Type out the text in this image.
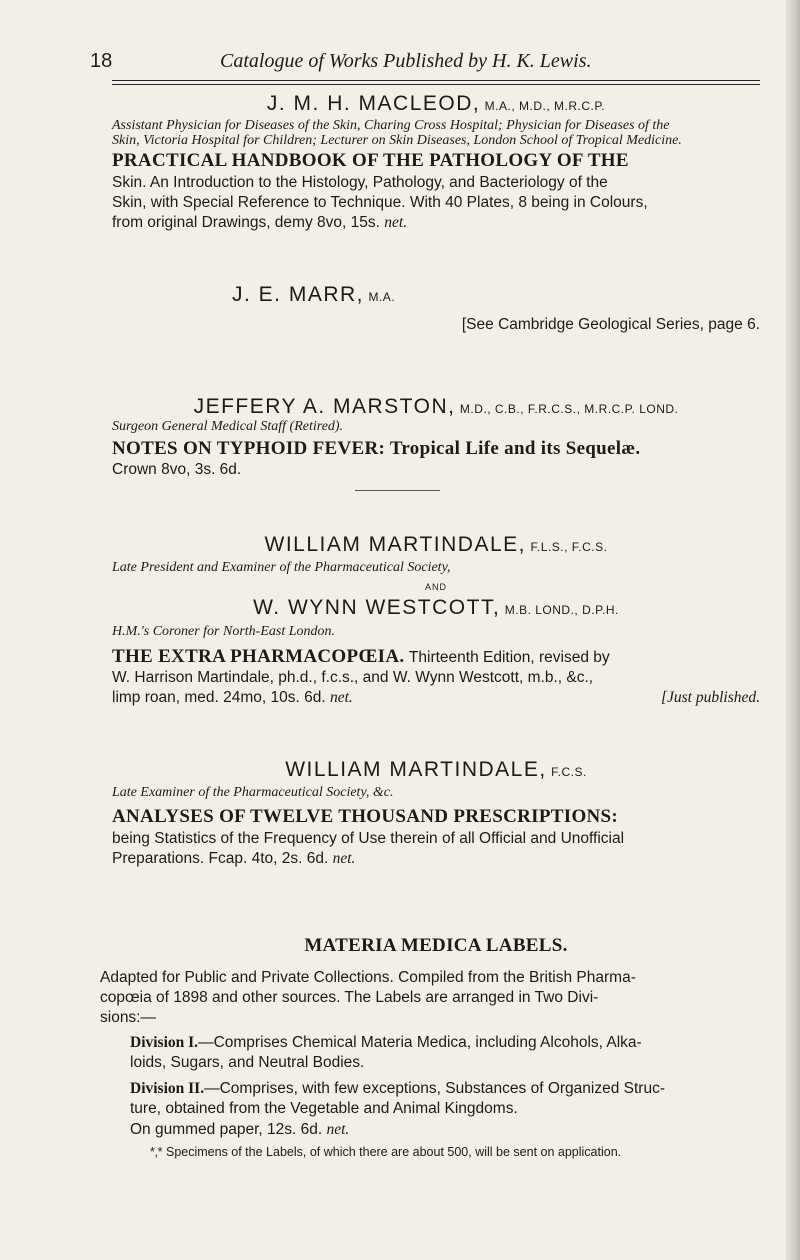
18	Catalogue of Works Published by H. K. Lewis.
J. M. H. MACLEOD, M.A., M.D., M.R.C.P.
Assistant Physician for Diseases of the Skin, Charing Cross Hospital; Physician for Diseases of the
Skin, Victoria Hospital for Children; Lecturer on Skin Diseases, London School of Tropical Medicine.
PRACTICAL HANDBOOK OF THE PATHOLOGY OF THE
Skin. An Introduction to the Histology, Pathology, and Bacteriology of the
Skin, with Special Reference to Technique. With 40 Plates, 8 being in Colours,
from original Drawings, demy 8vo, 15s. net.
J. E. MARR, M.A.
[See Cambridge Geological Series, page 6.
JEFFERY A. MARSTON, M.D., C.B., F.R.C.S., M.R.C.P. LOND.
Surgeon General Medical Staff (Retired).
NOTES ON TYPHOID FEVER: Tropical Life and its Sequelæ.
Crown 8vo, 3s. 6d.
WILLIAM MARTINDALE, F.L.S., F.C.S.
Late President and Examiner of the Pharmaceutical Society,
AND
W. WYNN WESTCOTT, M.B. LOND., D.P.H.
H.M.'s Coroner for North-East London.
THE EXTRA PHARMACOPŒIA. Thirteenth Edition, revised by
W. Harrison Martindale, ph.d., f.c.s., and W. Wynn Westcott, m.b., &c.,
limp roan, med. 24mo, 10s. 6d. net.	[Just published.
WILLIAM MARTINDALE, F.C.S.
Late Examiner of the Pharmaceutical Society, &c.
ANALYSES OF TWELVE THOUSAND PRESCRIPTIONS:
being Statistics of the Frequency of Use therein of all Official and Unofficial
Preparations. Fcap. 4to, 2s. 6d. net.
MATERIA MEDICA LABELS.
Adapted for Public and Private Collections. Compiled from the British Pharma-
copœia of 1898 and other sources. The Labels are arranged in Two Divi-
sions:—
Division I.—Comprises Chemical Materia Medica, including Alcohols, Alka-
loids, Sugars, and Neutral Bodies.
Division II.—Comprises, with few exceptions, Substances of Organized Struc-
ture, obtained from the Vegetable and Animal Kingdoms.
On gummed paper, 12s. 6d. net.
*‚* Specimens of the Labels, of which there are about 500, will be sent on application.
